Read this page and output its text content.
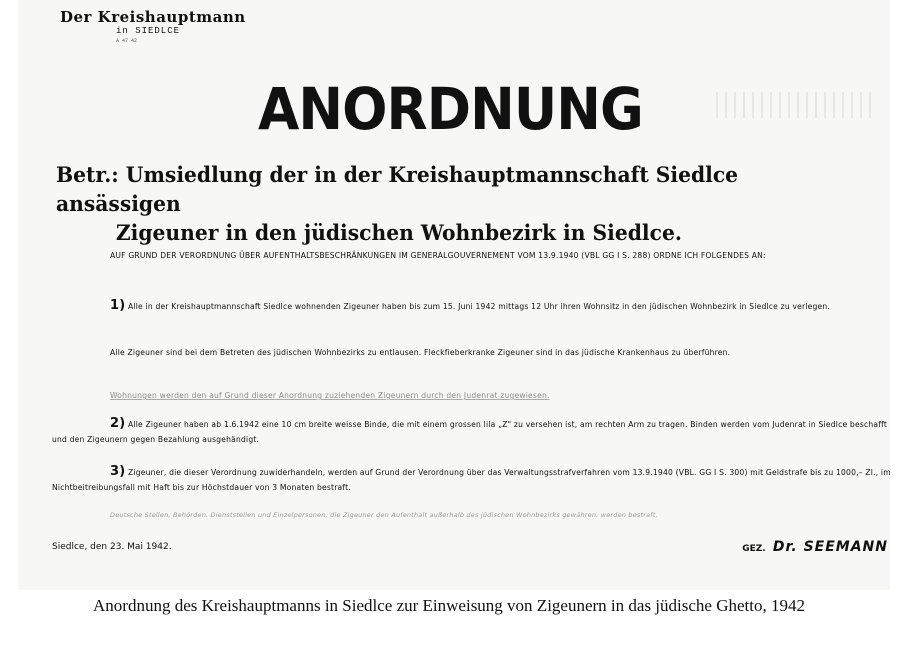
Der Kreishauptmann
in SIEDLCE
A 47 42
ANORDNUNG
Betr.: Umsiedlung der in der Kreishauptmannschaft Siedlce ansässigen
Zigeuner in den jüdischen Wohnbezirk in Siedlce.
AUF GRUND DER VERORDNUNG ÜBER AUFENTHALTSBESCHRÄNKUNGEN IM GENERALGOUVERNEMENT VOM 13.9.1940 (VBL GG I S. 288) ORDNE ICH FOLGENDES AN:
1) Alle in der Kreishauptmannschaft Siedlce wohnenden Zigeuner haben bis zum 15. Juni 1942 mittags 12 Uhr ihren Wohnsitz in den jüdischen Wohnbezirk in Siedlce zu verlegen.
Alle Zigeuner sind bei dem Betreten des jüdischen Wohnbezirks zu entlausen. Fleckfieberkranke Zigeuner sind in das jüdische Krankenhaus zu überführen.
Wohnungen werden den auf Grund dieser Anordnung zuziehenden Zigeunern durch den Judenrat zugewiesen.
2) Alle Zigeuner haben ab 1.6.1942 eine 10 cm breite weisse Binde, die mit einem grossen lila „Z" zu versehen ist, am rechten Arm zu tragen. Binden werden vom Judenrat in Siedlce beschafft und den Zigeunern gegen Bezahlung ausgehändigt.
3) Zigeuner, die dieser Verordnung zuwiderhandeln, werden auf Grund der Verordnung über das Verwaltungsstrafverfahren vom 13.9.1940 (VBL. GG I S. 300) mit Geldstrafe bis zu 1000,– Zl., im Nichtbeitreibungsfall mit Haft bis zur Höchstdauer von 3 Monaten bestraft.
Deutsche Stellen, Behörden, Dienststellen und Einzelpersonen, die Zigeuner den Aufenthalt außerhalb des jüdischen Wohnbezirks gewähren, werden bestraft.
Siedlce, den 23. Mai 1942.	GEZ. Dr. SEEMANN
Anordnung des Kreishauptmanns in Siedlce zur Einweisung von Zigeunern in das jüdische Ghetto, 1942
